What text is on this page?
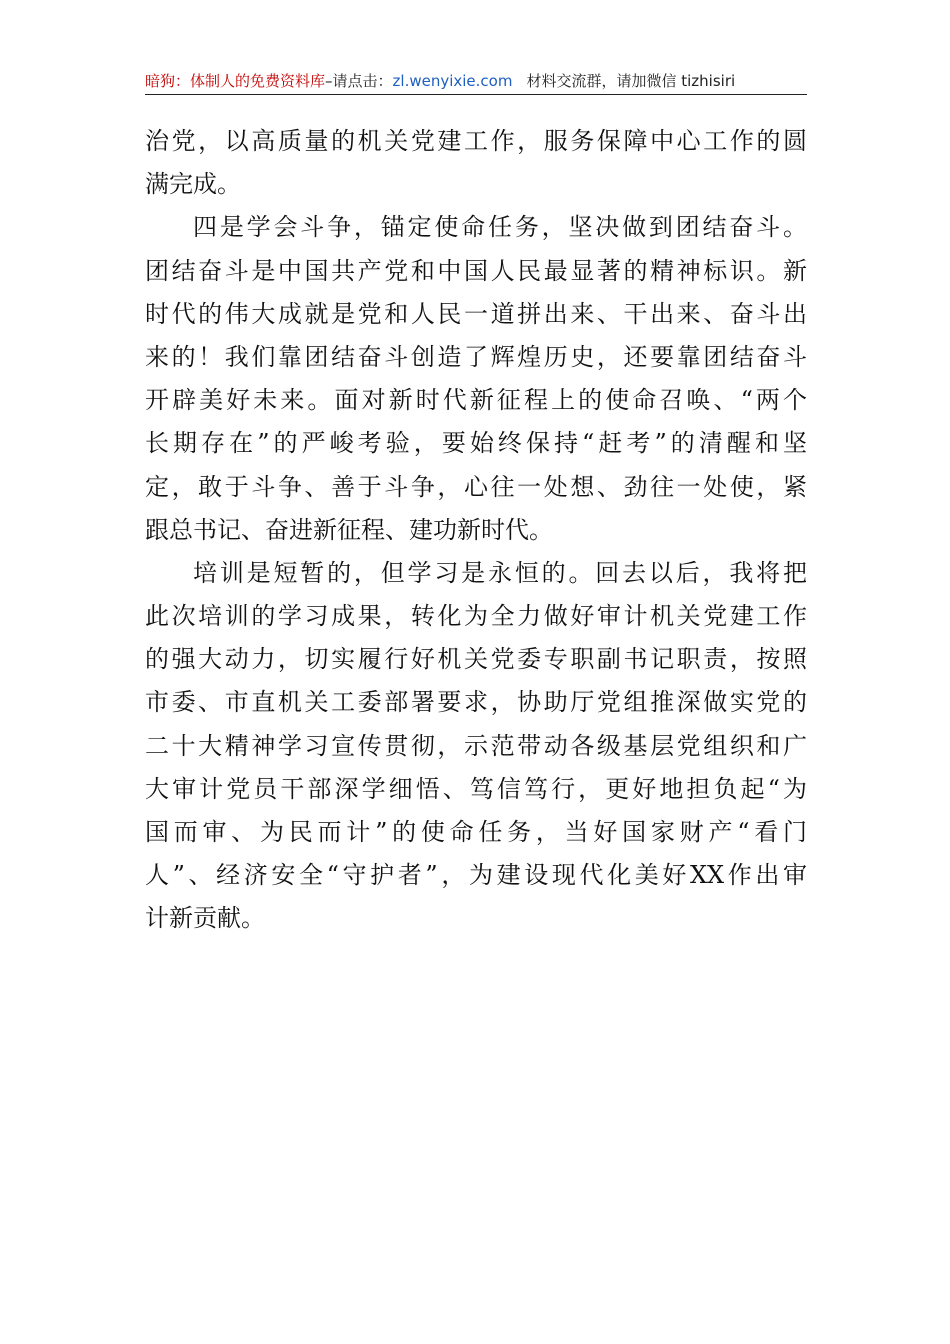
暗狗：体制人的免费资料库–请点击：zl.wenyixie.com 材料交流群，请加微信 tizhisiri
治党，以高质量的机关党建工作，服务保障中心工作的圆
满完成。
四是学会斗争，锚定使命任务，坚决做到团结奋斗。
团结奋斗是中国共产党和中国人民最显著的精神标识。新
时代的伟大成就是党和人民一道拼出来、干出来、奋斗出
来的！我们靠团结奋斗创造了辉煌历史，还要靠团结奋斗
开辟美好未来。面对新时代新征程上的使命召唤、“两个
长期存在”的严峻考验，要始终保持“赶考”的清醒和坚
定，敢于斗争、善于斗争，心往一处想、劲往一处使，紧
跟总书记、奋进新征程、建功新时代。
培训是短暂的，但学习是永恒的。回去以后，我将把
此次培训的学习成果，转化为全力做好审计机关党建工作
的强大动力，切实履行好机关党委专职副书记职责，按照
市委、市直机关工委部署要求，协助厅党组推深做实党的
二十大精神学习宣传贯彻，示范带动各级基层党组织和广
大审计党员干部深学细悟、笃信笃行，更好地担负起“为
国而审、为民而计”的使命任务，当好国家财产“看门
人”、经济安全“守护者”，为建设现代化美好XX作出审
计新贡献。
